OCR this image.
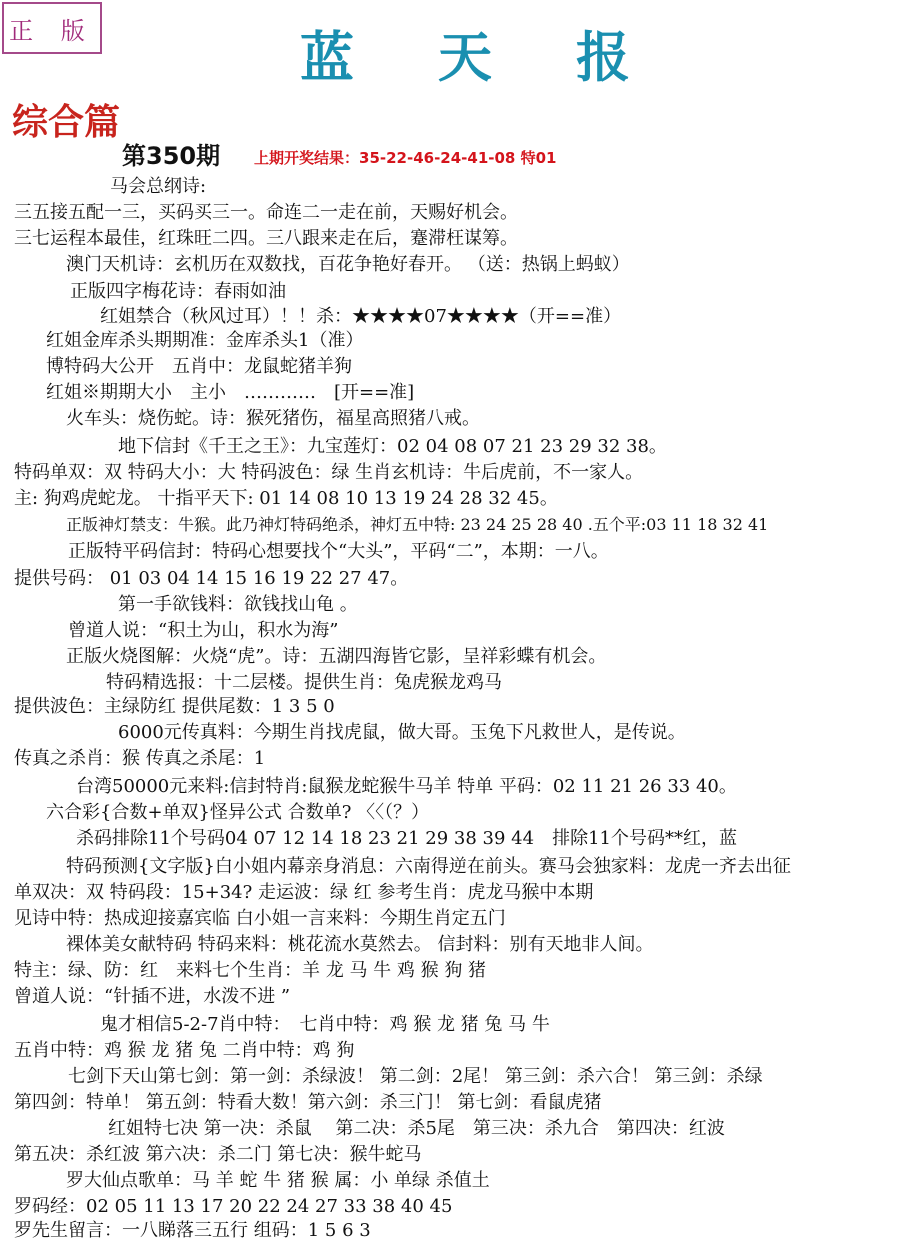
正 版	蓝 天 报
综合篇
第350期 上期开奖结果：35-22-46-24-41-08 特01
马会总纲诗:
三五接五配一三，买码买三一。命连二一走在前，天赐好机会。
三七运程本最佳，红珠旺二四。三八跟来走在后，蹇滞枉谋筹。
澳门天机诗：玄机历在双数找，百花争艳好春开。 （送：热锅上蚂蚁）
正版四字梅花诗：春雨如油
红姐禁合（秋风过耳）！！杀：★★★★07★★★★（开==准）
红姐金库杀头期期准：金库杀头1（准）
博特码大公开　五肖中：龙鼠蛇猪羊狗
红姐※期期大小　主小　…………　[开==准]
火车头：烧伤蛇。诗：猴死猪伤，福星高照猪八戒。
地下信封《千王之王》：九宝莲灯：02 04 08 07 21 23 29 32 38。
特码单双：双 特码大小：大 特码波色：绿 生肖玄机诗：牛后虎前，不一家人。
主: 狗鸡虎蛇龙。 十指平天下: 01 14 08 10 13 19 24 28 32 45。
正版神灯禁支：牛猴。此乃神灯特码绝杀，神灯五中特: 23 24 25 28 40 .五个平:03 11 18 32 41
正版特平码信封：特码心想要找个“大头”，平码“二”，本期：一八。
提供号码： 01 03 04 14 15 16 19 22 27 47。
第一手欲钱料：欲钱找山龟 。
曾道人说：“积土为山，积水为海”
正版火烧图解：火烧“虎”。诗：五湖四海皆它影，呈祥彩蝶有机会。
特码精选报：十二层楼。提供生肖：兔虎猴龙鸡马
提供波色：主绿防红 提供尾数：1 3 5 0
6000元传真料：今期生肖找虎鼠，做大哥。玉兔下凡救世人，是传说。
传真之杀肖：猴 传真之杀尾：1
台湾50000元来料:信封特肖:鼠猴龙蛇猴牛马羊 特单 平码：02 11 21 26 33 40。
六合彩{合数+单双}怪异公式 合数单? 〈〈（？）
杀码排除11个号码04 07 12 14 18 23 21 29 38 39 44　排除11个号码**红，蓝
特码预测{文字版}白小姐内幕亲身消息：六南得逆在前头。赛马会独家料：龙虎一齐去出征
单双决：双 特码段：15+34? 走运波：绿 红 参考生肖：虎龙马猴中本期
见诗中特：热成迎接嘉宾临 白小姐一言来料：今期生肖定五门
裸体美女献特码 特码来料：桃花流水莫然去。 信封料：别有天地非人间。
特主：绿、防：红　来料七个生肖：羊 龙 马 牛 鸡 猴 狗 猪
曾道人说：“针插不进，水泼不进 ”
鬼才相信5-2-7肖中特：　七肖中特：鸡 猴 龙 猪 兔 马 牛
五肖中特：鸡 猴 龙 猪 兔 二肖中特：鸡 狗
七剑下天山第七剑：第一剑：杀绿波！ 第二剑：2尾！ 第三剑：杀六合！ 第三剑：杀绿
第四剑：特单！ 第五剑：特看大数！第六剑：杀三门！ 第七剑：看鼠虎猪
红姐特七决 第一决：杀鼠　 第二决：杀5尾　第三决：杀九合　第四决：红波
第五决：杀红波 第六决：杀二门 第七决：猴牛蛇马
罗大仙点歌单：马 羊 蛇 牛 猪 猴 属：小 单绿 杀值土
罗码经：02 05 11 13 17 20 22 24 27 33 38 40 45
罗先生留言：一八睇落三五行 组码：1 5 6 3
